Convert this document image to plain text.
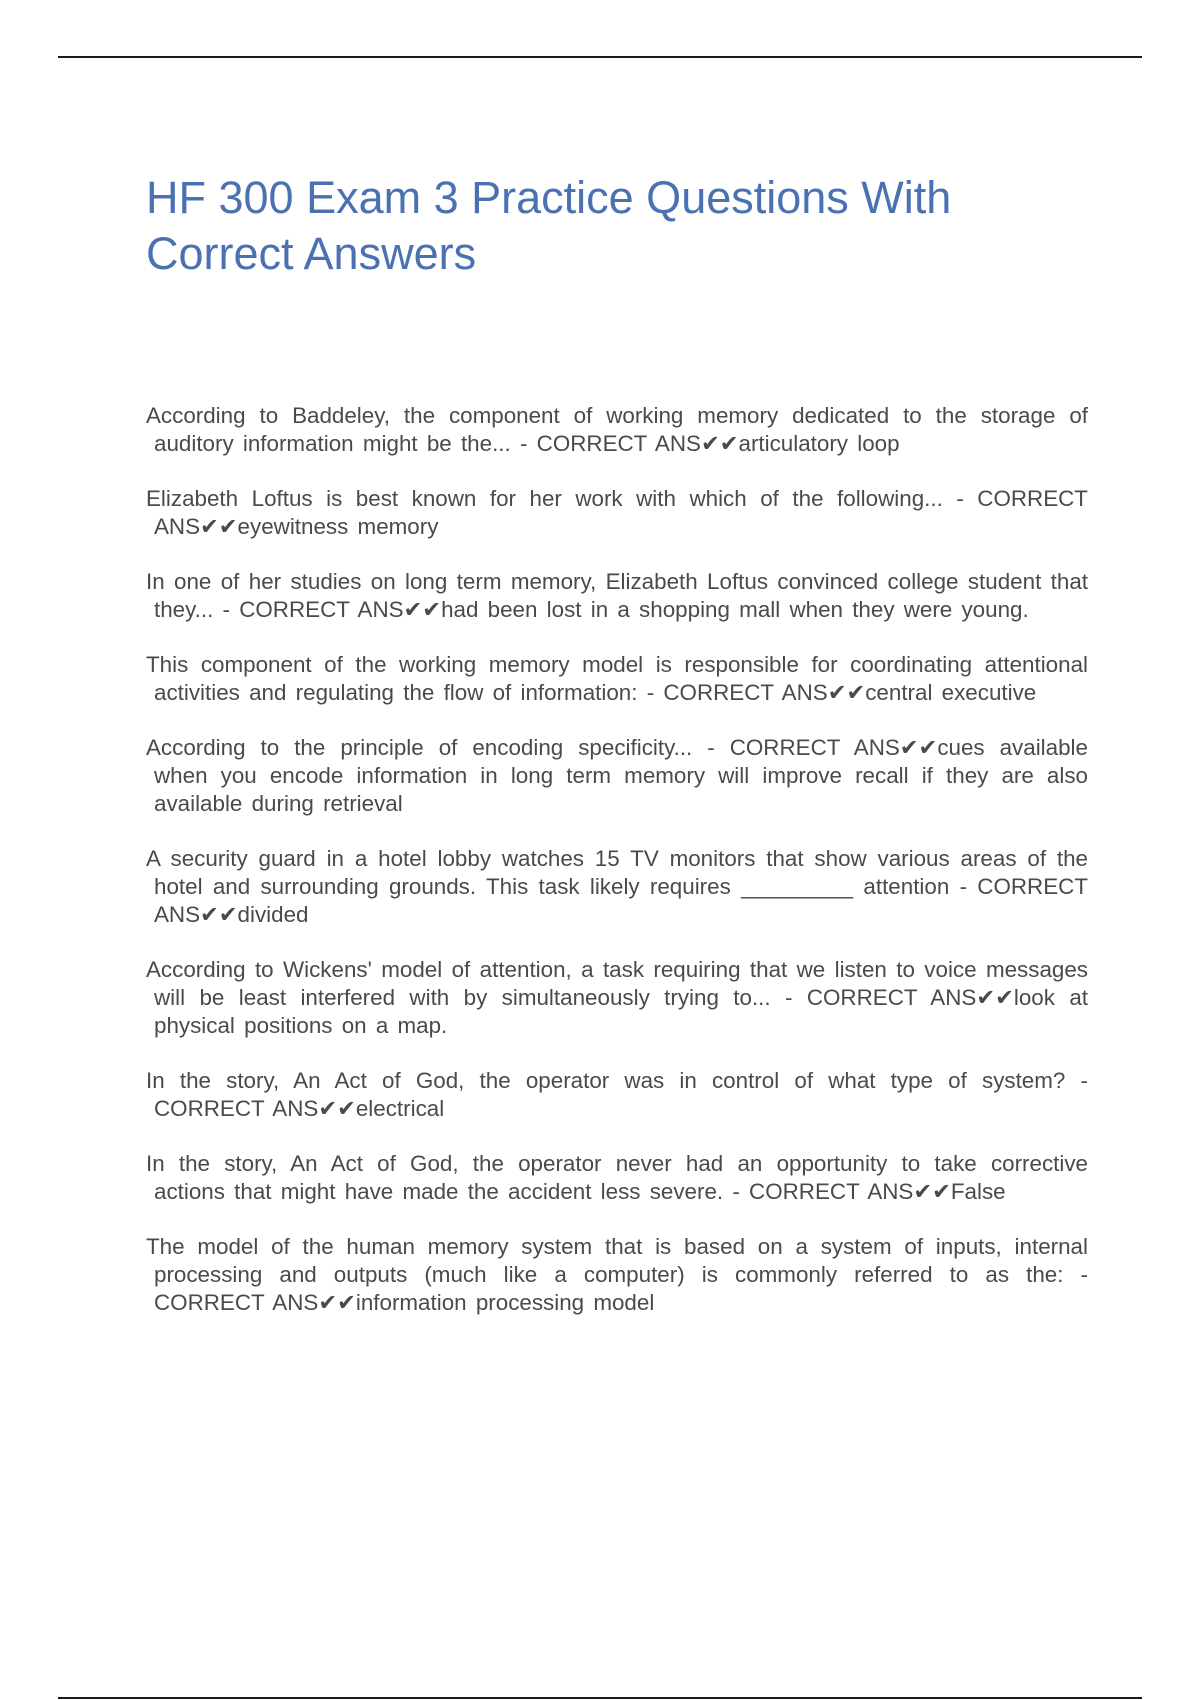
HF 300 Exam 3 Practice Questions With Correct Answers

According to Baddeley, the component of working memory dedicated to the storage of auditory information might be the... - CORRECT ANS✔✔articulatory loop

Elizabeth Loftus is best known for her work with which of the following... - CORRECT ANS✔✔eyewitness memory

In one of her studies on long term memory, Elizabeth Loftus convinced college student that they... - CORRECT ANS✔✔had been lost in a shopping mall when they were young.

This component of the working memory model is responsible for coordinating attentional activities and regulating the flow of information: - CORRECT ANS✔✔central executive

According to the principle of encoding specificity... - CORRECT ANS✔✔cues available when you encode information in long term memory will improve recall if they are also available during retrieval

A security guard in a hotel lobby watches 15 TV monitors that show various areas of the hotel and surrounding grounds. This task likely requires _________ attention - CORRECT ANS✔✔divided

According to Wickens' model of attention, a task requiring that we listen to voice messages will be least interfered with by simultaneously trying to... - CORRECT ANS✔✔look at physical positions on a map.

In the story, An Act of God, the operator was in control of what type of system? - CORRECT ANS✔✔electrical

In the story, An Act of God, the operator never had an opportunity to take corrective actions that might have made the accident less severe. - CORRECT ANS✔✔False

The model of the human memory system that is based on a system of inputs, internal processing and outputs (much like a computer) is commonly referred to as the: - CORRECT ANS✔✔information processing model
